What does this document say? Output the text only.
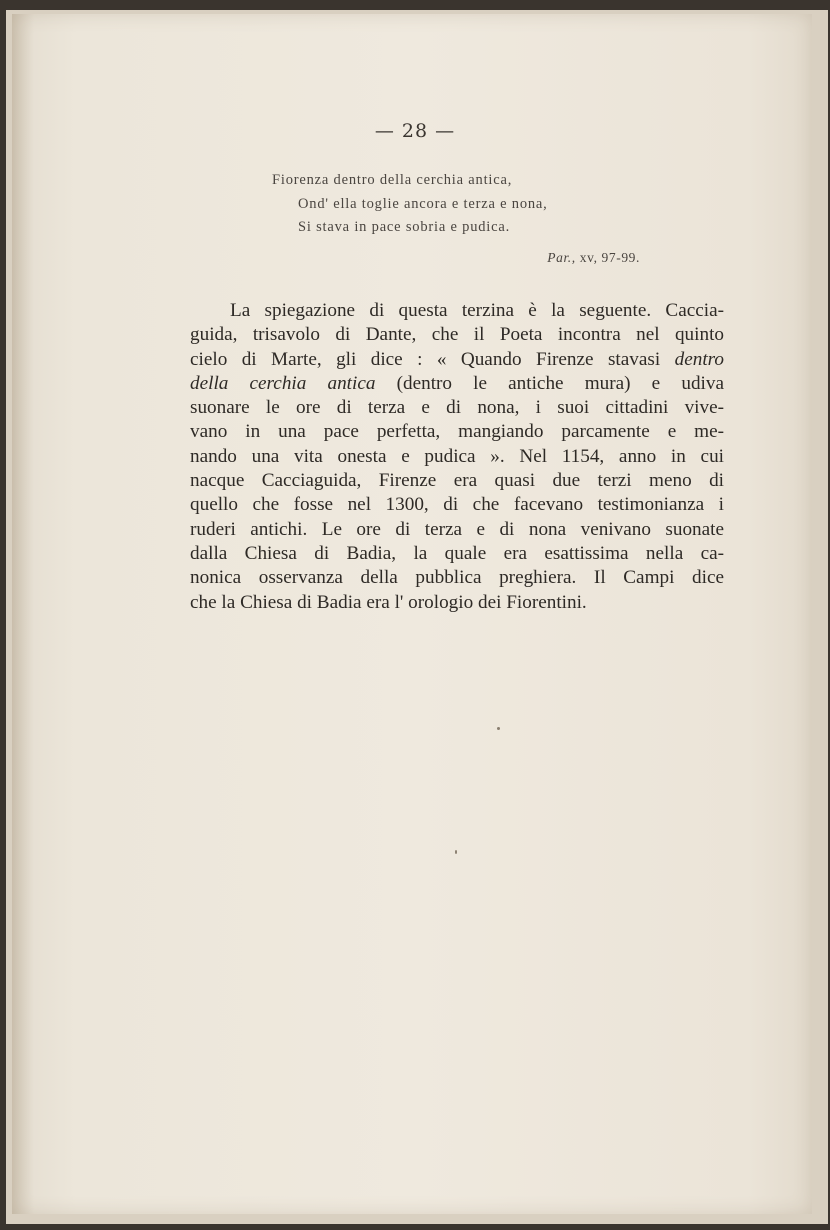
— 28 —
Fiorenza dentro della cerchia antica,
Ond' ella toglie ancora e terza e nona,
Si stava in pace sobria e pudica.
Par., xv, 97-99.
La spiegazione di questa terzina è la seguente. Caccia-
guida, trisavolo di Dante, che il Poeta incontra nel quinto
cielo di Marte, gli dice : « Quando Firenze stavasi dentro
della cerchia antica (dentro le antiche mura) e udiva
suonare le ore di terza e di nona, i suoi cittadini vive-
vano in una pace perfetta, mangiando parcamente e me-
nando una vita onesta e pudica ». Nel 1154, anno in cui
nacque Cacciaguida, Firenze era quasi due terzi meno di
quello che fosse nel 1300, di che facevano testimonianza i
ruderi antichi. Le ore di terza e di nona venivano suonate
dalla Chiesa di Badia, la quale era esattissima nella ca-
nonica osservanza della pubblica preghiera. Il Campi dice
che la Chiesa di Badia era l' orologio dei Fiorentini.
